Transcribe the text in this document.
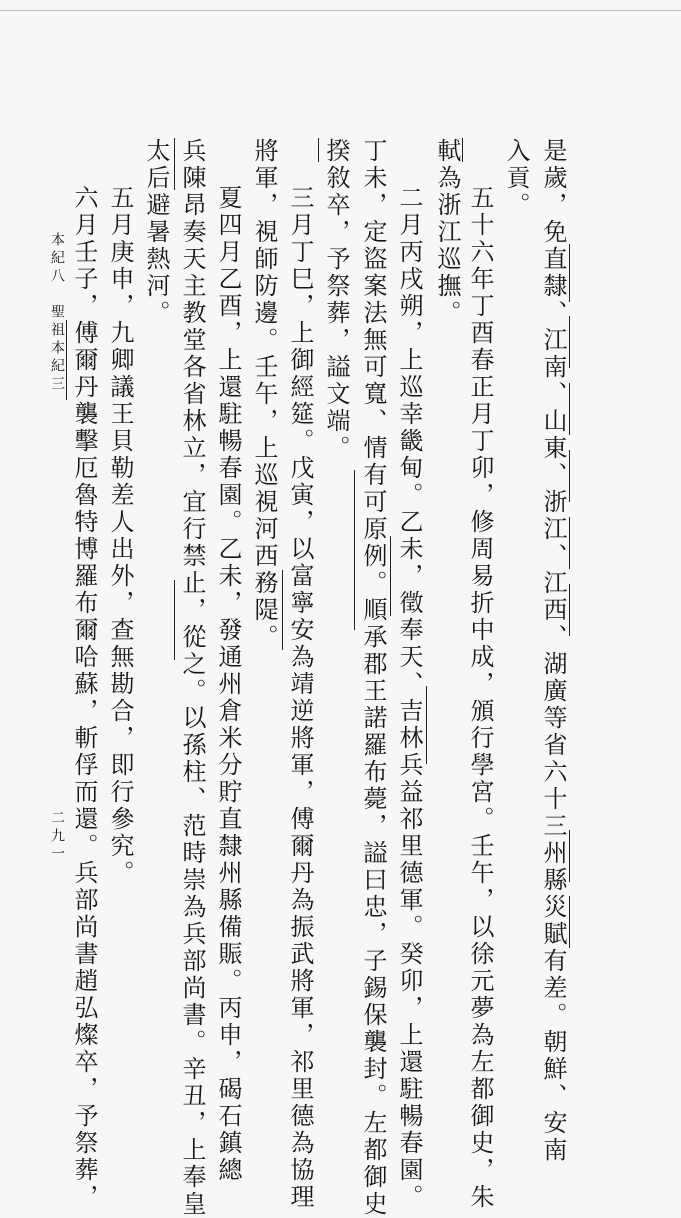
是歲，免直隸、江南、山東、浙江、江西、湖廣等省六十三州縣災賦有差。朝鮮、安南
入貢。
軾為浙江巡撫。 五十六年丁酉春正月丁卯，修周易折中成，頒行學宮。壬午，以徐元夢為左都御史，朱
二月丙戌朔，上巡幸畿甸。乙未，徵奉天、吉林兵益祁里德軍。癸卯，上還駐暢春園。
丁未，定盜案法無可寬、情有可原例。順承郡王諾羅布薨，謚曰忠，子錫保襲封。左都御史
揆敘卒，予祭葬，謚文端。
三月丁巳，上御經筵。戊寅，以富寧安為靖逆將軍，傅爾丹為振武將軍，祁里德為協理
將軍，視師防邊。壬午，上巡視河西務隄。
夏四月乙酉，上還駐暢春園。乙未，發通州倉米分貯直隸州縣備賑。丙申，碣石鎮總
兵陳昂奏天主教堂各省林立，宜行禁止，從之。以孫柱、范時崇為兵部尚書。辛丑，上奉皇
太后避暑熱河。
五月庚申，九卿議王貝勒差人出外，查無勘合，即行參究。
六月壬子，傅爾丹襲擊厄魯特博羅布爾哈蘇，斬俘而還。兵部尚書趙弘燦卒，予祭葬，
本紀八
聖祖本紀三
二九一
